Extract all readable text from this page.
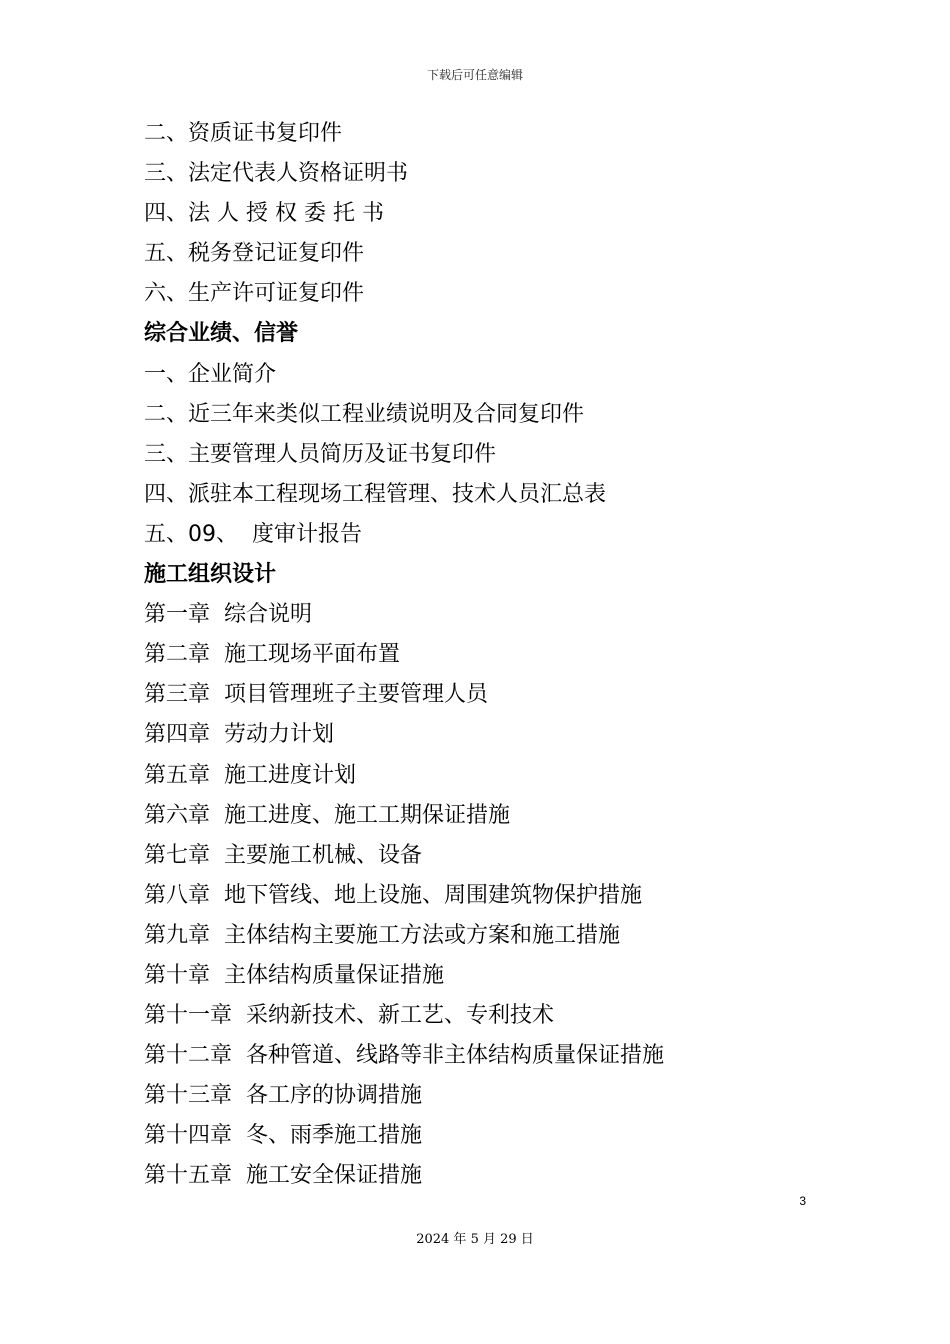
下载后可任意编辑
二、资质证书复印件
三、法定代表人资格证明书
四、法 人 授 权 委 托 书
五、税务登记证复印件
六、生产许可证复印件
综合业绩、信誉
一、企业简介
二、近三年来类似工程业绩说明及合同复印件
三、主要管理人员简历及证书复印件
四、派驻本工程现场工程管理、技术人员汇总表
五、09、  度审计报告
施工组织设计
第一章  综合说明
第二章  施工现场平面布置
第三章  项目管理班子主要管理人员
第四章  劳动力计划
第五章  施工进度计划
第六章  施工进度、施工工期保证措施
第七章  主要施工机械、设备
第八章  地下管线、地上设施、周围建筑物保护措施
第九章  主体结构主要施工方法或方案和施工措施
第十章  主体结构质量保证措施
第十一章  采纳新技术、新工艺、专利技术
第十二章  各种管道、线路等非主体结构质量保证措施
第十三章  各工序的协调措施
第十四章  冬、雨季施工措施
第十五章  施工安全保证措施
3
2024 年 5 月 29 日
